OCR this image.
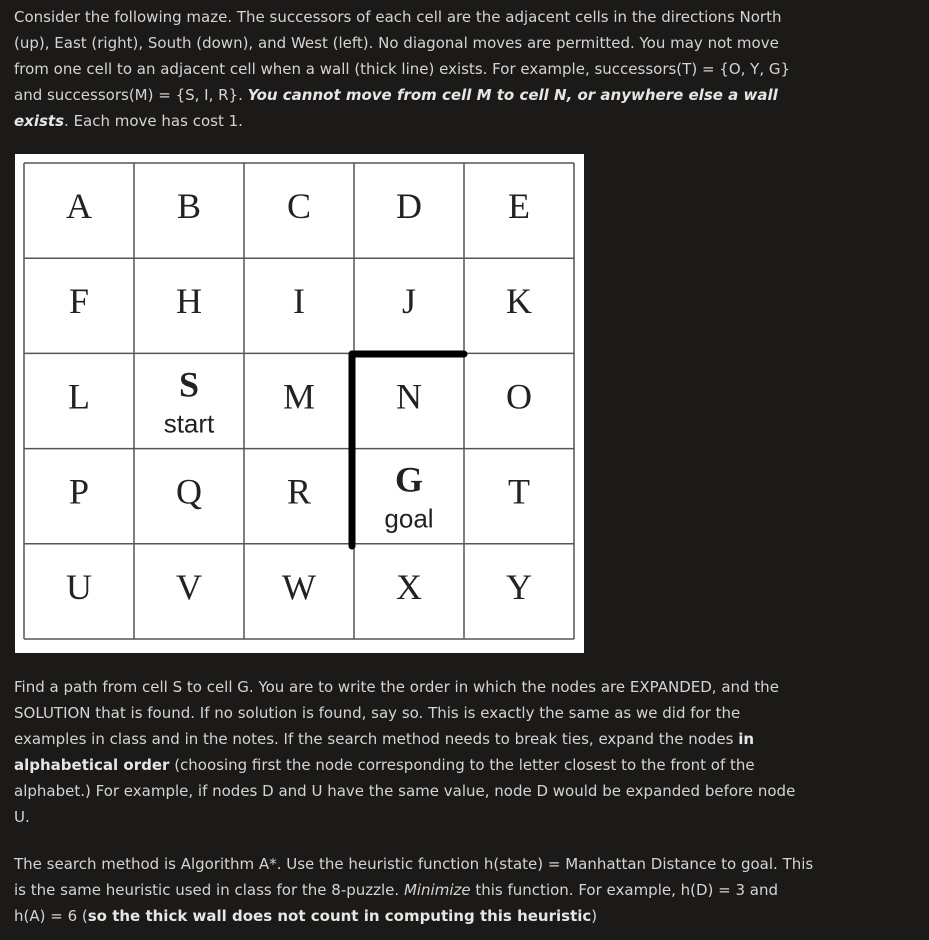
Consider the following maze. The successors of each cell are the adjacent cells in the directions North (up), East (right), South (down), and West (left). No diagonal moves are permitted. You may not move from one cell to an adjacent cell when a wall (thick line) exists. For example, successors(T) = {O, Y, G} and successors(M) = {S, I, R}. You cannot move from cell M to cell N, or anywhere else a wall exists. Each move has cost 1.

A B C D E
F H	I	J K
L S
start
M N O
P Q R G
goal
T
U V W X Y

Find a path from cell S to cell G. You are to write the order in which the nodes are EXPANDED, and the SOLUTION that is found. If no solution is found, say so. This is exactly the same as we did for the examples in class and in the notes. If the search method needs to break ties, expand the nodes in alphabetical order (choosing first the node corresponding to the letter closest to the front of the alphabet.) For example, if nodes D and U have the same value, node D would be expanded before node U.

The search method is Algorithm A*. Use the heuristic function h(state) = Manhattan Distance to goal. This is the same heuristic used in class for the 8-puzzle. Minimize this function. For example, h(D) = 3 and h(A) = 6 (so the thick wall does not count in computing this heuristic)
